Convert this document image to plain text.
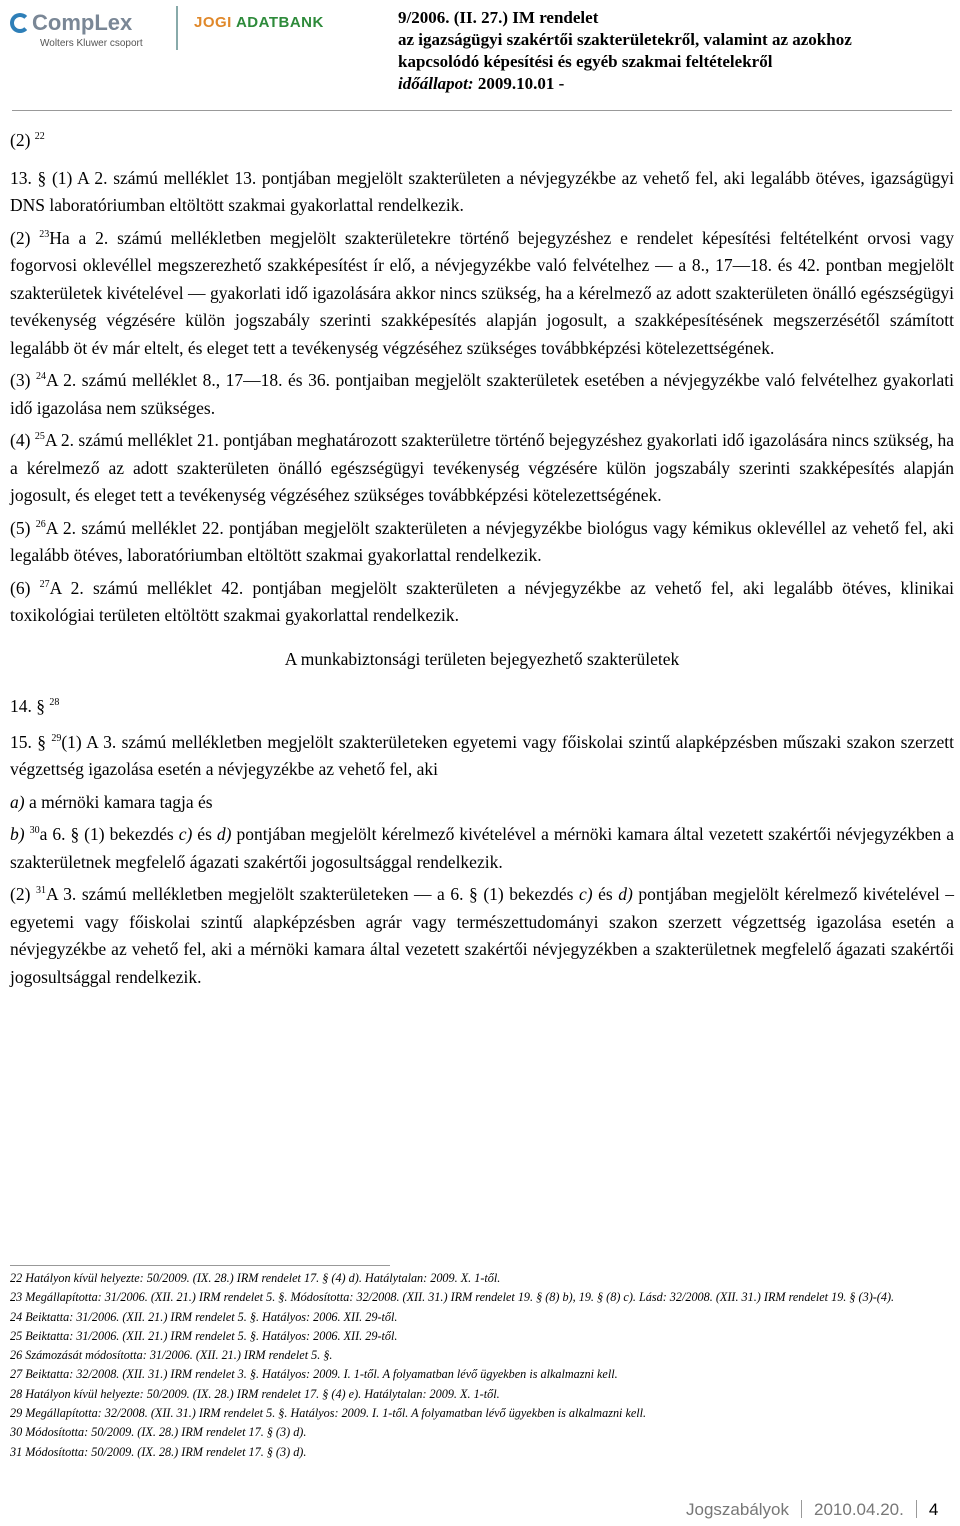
CompLex
Wolters Kluwer csoport
JOGI ADATBANK	9/2006. (II. 27.) IM rendelet
az igazságügyi szakértői szakterületekről, valamint az azokhoz
kapcsolódó képesítési és egyéb szakmai feltételekről
időállapot: 2009.10.01 -

(2) $^{22}$

13. § (1) A 2. számú melléklet 13. pontjában megjelölt szakterületen a névjegyzékbe az vehető fel, aki legalább ötéves, igazságügyi DNS laboratóriumban eltöltött szakmai gyakorlattal rendelkezik.

(2) $^{23}$Ha a 2. számú mellékletben megjelölt szakterületekre történő bejegyzéshez e rendelet képesítési feltételként orvosi vagy fogorvosi oklevéllel megszerezhető szakképesítést ír elő, a névjegyzékbe való felvételhez — a 8., 17—18. és 42. pontban megjelölt szakterületek kivételével — gyakorlati idő igazolására akkor nincs szükség, ha a kérelmező az adott szakterületen önálló egészségügyi tevékenység végzésére külön jogszabály szerinti szakképesítés alapján jogosult, a szakképesítésének megszerzésétől számított legalább öt év már eltelt, és eleget tett a tevékenység végzéséhez szükséges továbbképzési kötelezettségének.

(3) $^{24}$A 2. számú melléklet 8., 17—18. és 36. pontjaiban megjelölt szakterületek esetében a névjegyzékbe való felvételhez gyakorlati idő igazolása nem szükséges.

(4) $^{25}$A 2. számú melléklet 21. pontjában meghatározott szakterületre történő bejegyzéshez gyakorlati idő igazolására nincs szükség, ha a kérelmező az adott szakterületen önálló egészségügyi tevékenység végzésére külön jogszabály szerinti szakképesítés alapján jogosult, és eleget tett a tevékenység végzéséhez szükséges továbbképzési kötelezettségének.

(5) $^{26}$A 2. számú melléklet 22. pontjában megjelölt szakterületen a névjegyzékbe biológus vagy kémikus oklevéllel az vehető fel, aki legalább ötéves, laboratóriumban eltöltött szakmai gyakorlattal rendelkezik.

(6) $^{27}$A 2. számú melléklet 42. pontjában megjelölt szakterületen a névjegyzékbe az vehető fel, aki legalább ötéves, klinikai toxikológiai területen eltöltött szakmai gyakorlattal rendelkezik.

A munkabiztonsági területen bejegyezhető szakterületek

14. § $^{28}$

15. § $^{29}$(1) A 3. számú mellékletben megjelölt szakterületeken egyetemi vagy főiskolai szintű alapképzésben műszaki szakon szerzett végzettség igazolása esetén a névjegyzékbe az vehető fel, aki

a) a mérnöki kamara tagja és

b) $^{30}$a 6. § (1) bekezdés c) és d) pontjában megjelölt kérelmező kivételével a mérnöki kamara által vezetett szakértői névjegyzékben a szakterületnek megfelelő ágazati szakértői jogosultsággal rendelkezik.

(2) $^{31}$A 3. számú mellékletben megjelölt szakterületeken — a 6. § (1) bekezdés c) és d) pontjában megjelölt kérelmező kivételével – egyetemi vagy főiskolai szintű alapképzésben agrár vagy természettudományi szakon szerzett végzettség igazolása esetén a névjegyzékbe az vehető fel, aki a mérnöki kamara által vezetett szakértői névjegyzékben a szakterületnek megfelelő ágazati szakértői jogosultsággal rendelkezik.

22 Hatályon kívül helyezte: 50/2009. (IX. 28.) IRM rendelet 17. § (4) d). Hatálytalan: 2009. X. 1-től.
23 Megállapította: 31/2006. (XII. 21.) IRM rendelet 5. §. Módosította: 32/2008. (XII. 31.) IRM rendelet 19. § (8) b), 19. § (8) c). Lásd: 32/2008. (XII. 31.) IRM rendelet 19. § (3)-(4).
24 Beiktatta: 31/2006. (XII. 21.) IRM rendelet 5. §. Hatályos: 2006. XII. 29-től.
25 Beiktatta: 31/2006. (XII. 21.) IRM rendelet 5. §. Hatályos: 2006. XII. 29-től.
26 Számozását módosította: 31/2006. (XII. 21.) IRM rendelet 5. §.
27 Beiktatta: 32/2008. (XII. 31.) IRM rendelet 3. §. Hatályos: 2009. I. 1-től. A folyamatban lévő ügyekben is alkalmazni kell.
28 Hatályon kívül helyezte: 50/2009. (IX. 28.) IRM rendelet 17. § (4) e). Hatálytalan: 2009. X. 1-től.
29 Megállapította: 32/2008. (XII. 31.) IRM rendelet 5. §. Hatályos: 2009. I. 1-től. A folyamatban lévő ügyekben is alkalmazni kell.
30 Módosította: 50/2009. (IX. 28.) IRM rendelet 17. § (3) d).
31 Módosította: 50/2009. (IX. 28.) IRM rendelet 17. § (3) d).
Jogszabályok 2010.04.20. 4
